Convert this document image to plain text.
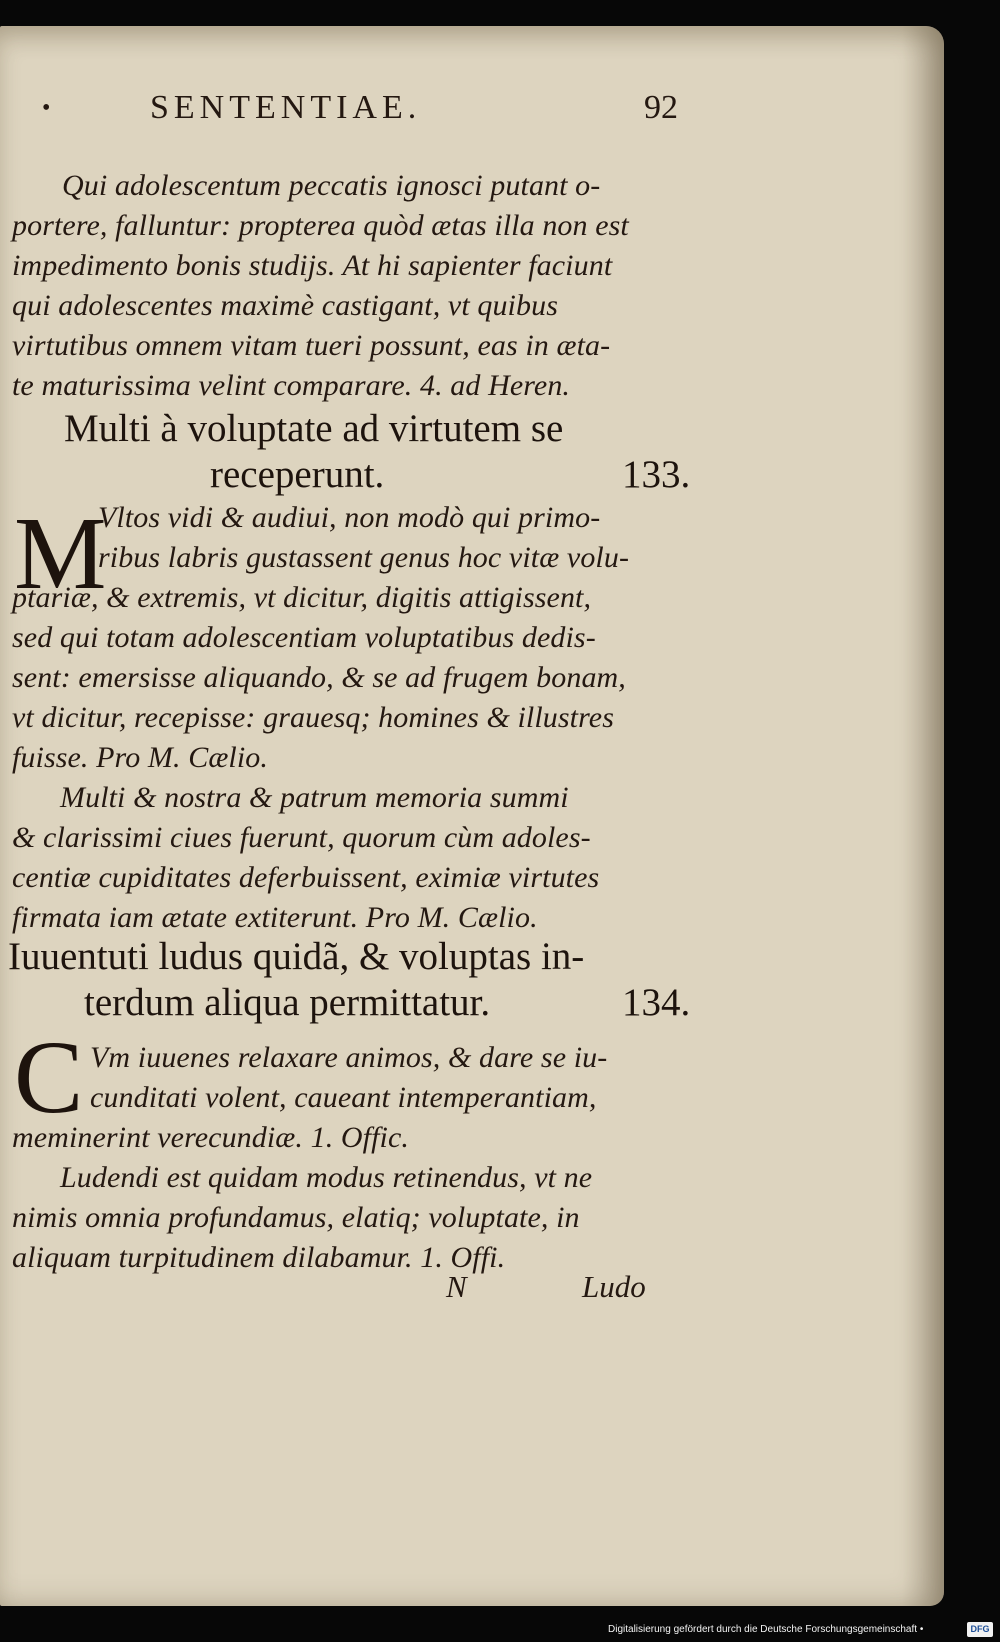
•	SENTENTIAE.	92
Qui adolescentum peccatis ignosci putant o-
portere, falluntur: propterea quòd ætas illa non est
impedimento bonis studijs. At hi sapienter faciunt
qui adolescentes maximè castigant, vt quibus
virtutibus omnem vitam tueri possunt, eas in æta-
te maturissima velint comparare. 4. ad Heren.
Multi à voluptate ad virtutem se
receperunt.	133.
M
Vltos vidi & audiui, non modò qui primo-
ribus labris gustassent genus hoc vitæ volu-
ptariæ, & extremis, vt dicitur, digitis attigissent,
sed qui totam adolescentiam voluptatibus dedis-
sent: emersisse aliquando, & se ad frugem bonam,
vt dicitur, recepisse: grauesq; homines & illustres
fuisse. Pro M. Cælio.
Multi & nostra & patrum memoria summi
& clarissimi ciues fuerunt, quorum cùm adoles-
centiæ cupiditates deferbuissent, eximiæ virtutes
firmata iam ætate extiterunt. Pro M. Cælio.
Iuuentuti ludus quidã, & voluptas in-
terdum aliqua permittatur.	134.
C Vm iuuenes relaxare animos, & dare se iu-
cunditati volent, caueant intemperantiam,
meminerint verecundiæ. 1. Offic.
Ludendi est quidam modus retinendus, vt ne
nimis omnia profundamus, elatiq; voluptate, in
aliquam turpitudinem dilabamur. 1. Offi.
N	Ludo
Digitalisierung gefördert durch die Deutsche Forschungsgemeinschaft •	DFG
